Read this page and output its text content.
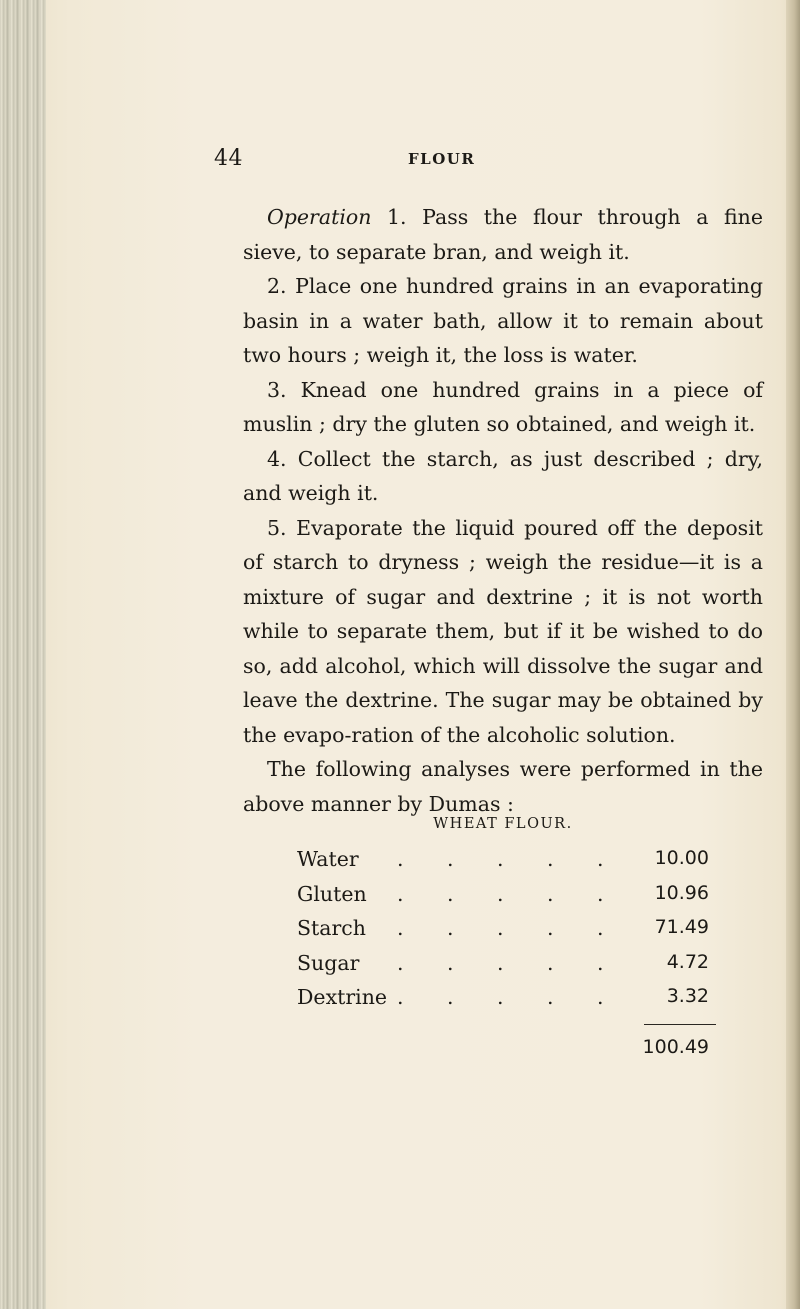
44	FLOUR

Operation 1. Pass the flour through a fine sieve, to separate bran, and weigh it.

2. Place one hundred grains in an evaporating basin in a water bath, allow it to remain about two hours ; weigh it, the loss is water.

3. Knead one hundred grains in a piece of muslin ; dry the gluten so obtained, and weigh it.

4. Collect the starch, as just described ; dry, and weigh it.

5. Evaporate the liquid poured off the deposit of starch to dryness ; weigh the residue—it is a mixture of sugar and dextrine ; it is not worth while to separate them, but if it be wished to do so, add alcohol, which will dissolve the sugar and leave the dextrine. The sugar may be obtained by the evapo-ration of the alcoholic solution.

The following analyses were performed in the above manner by Dumas :

WHEAT FLOUR.
Water . . . . .	10.00
Gluten . . . . .	10.96
Starch . . . . .	71.49
Sugar . . . . .	4.72
Dextrine . . . . .	3.32
100.49
